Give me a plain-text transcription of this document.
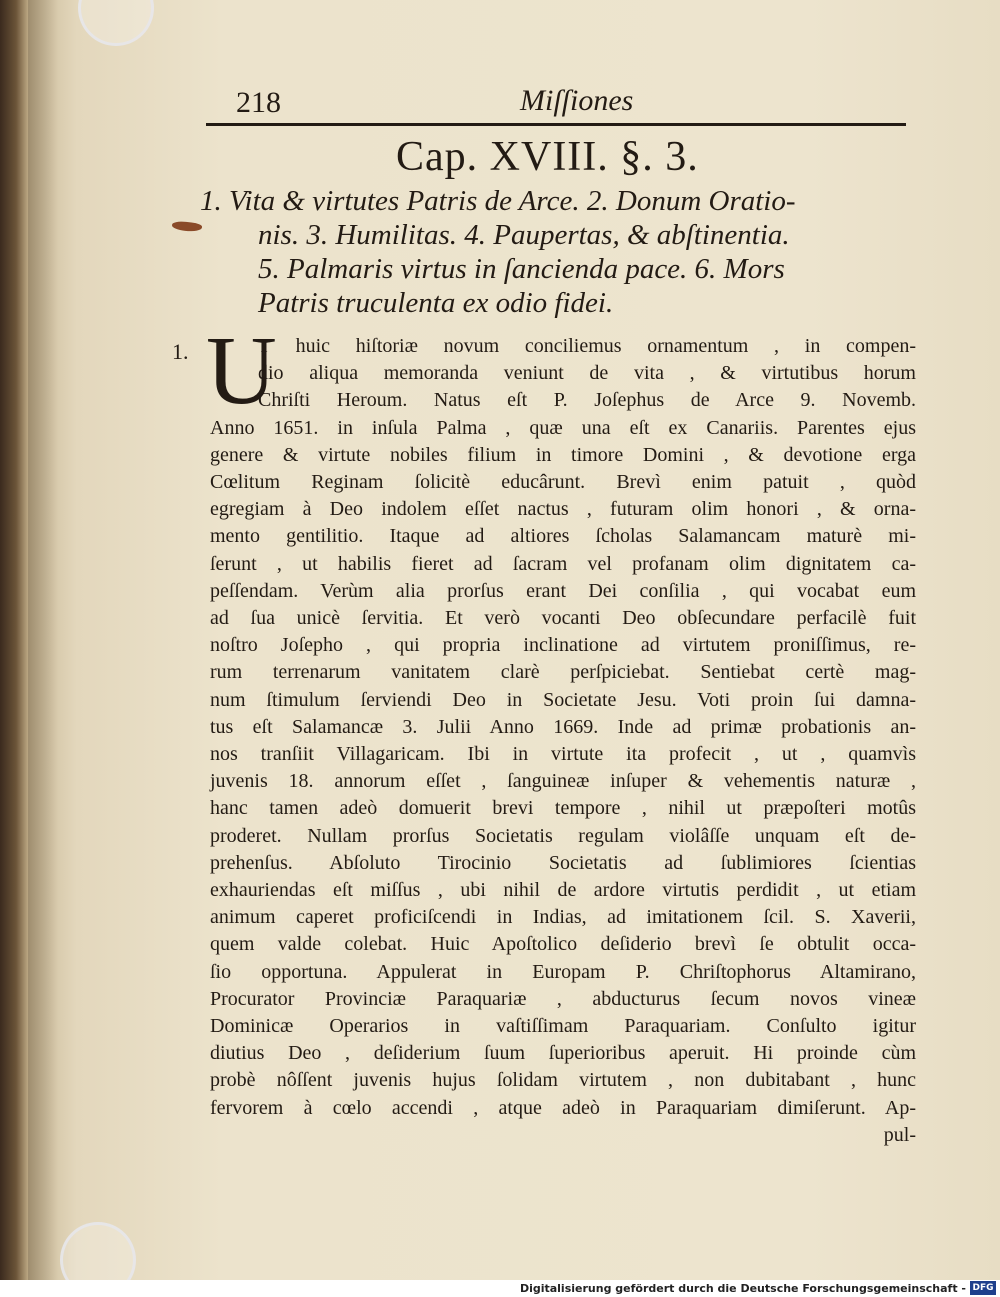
218	Miſſiones
Cap. XVIII. §. 3.
1. Vita & virtutes Patris de Arce. 2. Donum Oratio-
nis. 3. Humilitas. 4. Paupertas, & abſtinentia.
5. Palmaris virtus in ſancienda pace. 6. Mors
Patris truculenta ex odio fidei.
1. U
T huic hiſtoriæ novum conciliemus ornamentum , in compen-
dio aliqua memoranda veniunt de vita , & virtutibus horum
Chriſti Heroum. Natus eſt P. Joſephus de Arce 9. Novemb.
Anno 1651. in inſula Palma , quæ una eſt ex Canariis. Parentes ejus
genere & virtute nobiles filium in timore Domini , & devotione erga
Cœlitum Reginam ſolicitè educârunt. Brevì enim patuit , quòd
egregiam à Deo indolem eſſet nactus , futuram olim honori , & orna-
mento gentilitio. Itaque ad altiores ſcholas Salamancam maturè mi-
ſerunt , ut habilis fieret ad ſacram vel profanam olim dignitatem ca-
peſſendam. Verùm alia prorſus erant Dei conſilia , qui vocabat eum
ad ſua unicè ſervitia. Et verò vocanti Deo obſecundare perfacilè fuit
noſtro Joſepho , qui propria inclinatione ad virtutem proniſſimus, re-
rum terrenarum vanitatem clarè perſpiciebat. Sentiebat certè mag-
num ſtimulum ſerviendi Deo in Societate Jesu. Voti proin ſui damna-
tus eſt Salamancæ 3. Julii Anno 1669. Inde ad primæ probationis an-
nos tranſiit Villagaricam. Ibi in virtute ita profecit , ut , quamvìs
juvenis 18. annorum eſſet , ſanguineæ inſuper & vehementis naturæ ,
hanc tamen adeò domuerit brevi tempore , nihil ut præpoſteri motûs
proderet. Nullam prorſus Societatis regulam violâſſe unquam eſt de-
prehenſus. Abſoluto Tirocinio Societatis ad ſublimiores ſcientias
exhauriendas eſt miſſus , ubi nihil de ardore virtutis perdidit , ut etiam
animum caperet proficiſcendi in Indias, ad imitationem ſcil. S. Xaverii,
quem valde colebat. Huic Apoſtolico deſiderio brevì ſe obtulit occa-
ſio opportuna. Appulerat in Europam P. Chriſtophorus Altamirano,
Procurator Provinciæ Paraquariæ , abducturus ſecum novos vineæ
Dominicæ Operarios in vaſtiſſimam Paraquariam. Conſulto igitur
diutius Deo , deſiderium ſuum ſuperioribus aperuit. Hi proinde cùm
probè nôſſent juvenis hujus ſolidam virtutem , non dubitabant , hunc
fervorem à cœlo accendi , atque adeò in Paraquariam dimiſerunt. Ap-
pul-
Digitalisierung gefördert durch die Deutsche Forschungsgemeinschaft - DFG
